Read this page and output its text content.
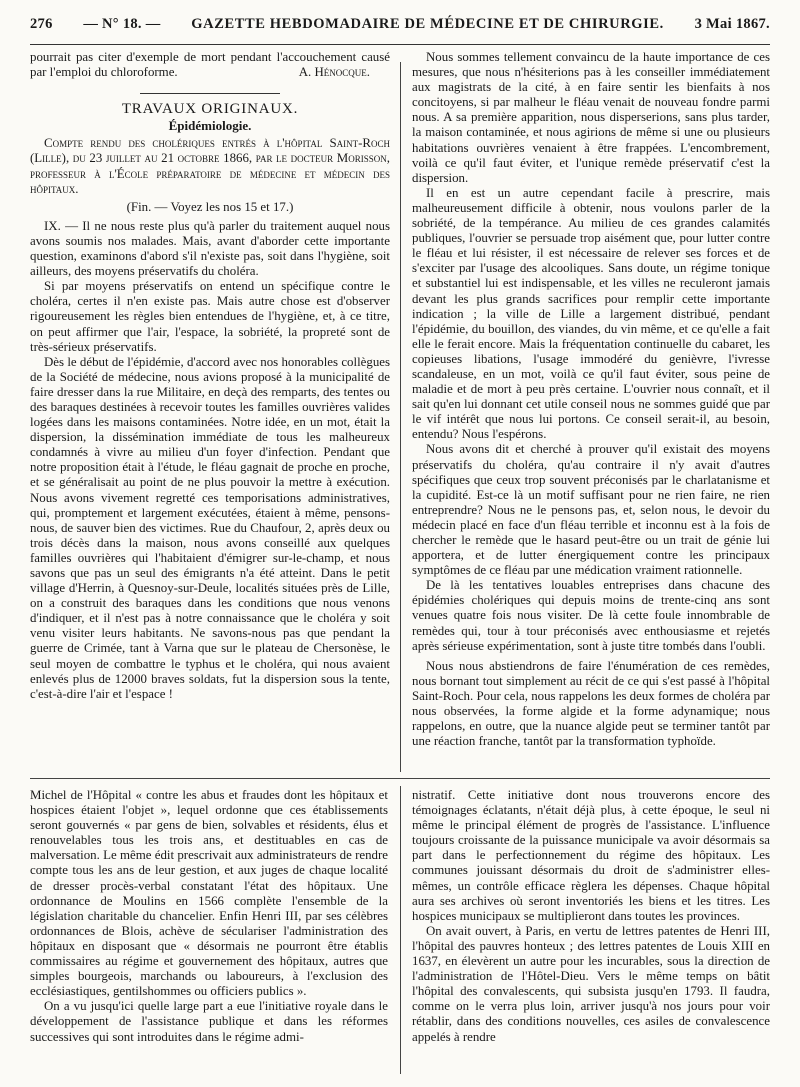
276 — N° 18. — GAZETTE HEBDOMADAIRE DE MÉDECINE ET DE CHIRURGIE. 3 Mai 1867.

pourrait pas citer d'exemple de mort pendant l'accouchement causé par l'emploi du chloroforme.	A. Hénocque.

TRAVAUX ORIGINAUX.
Épidémiologie.

Compte rendu des cholériques entrés à l'hôpital Saint-Roch (Lille), du 23 juillet au 21 octobre 1866, par le docteur Morisson, professeur à l'École préparatoire de médecine et médecin des hôpitaux.

(Fin. — Voyez les nos 15 et 17.)

IX. — Il ne nous reste plus qu'à parler du traitement auquel nous avons soumis nos malades. Mais, avant d'aborder cette importante question, examinons d'abord s'il n'existe pas, soit dans l'hygiène, soit ailleurs, des moyens préservatifs du choléra.

Si par moyens préservatifs on entend un spécifique contre le choléra, certes il n'en existe pas. Mais autre chose est d'observer rigoureusement les règles bien entendues de l'hygiène, et, à ce titre, on peut affirmer que l'air, l'espace, la sobriété, la propreté sont de très-sérieux préservatifs.

Dès le début de l'épidémie, d'accord avec nos honorables collègues de la Société de médecine, nous avions proposé à la municipalité de faire dresser dans la rue Militaire, en deçà des remparts, des tentes ou des baraques destinées à recevoir toutes les familles ouvrières valides logées dans les maisons contaminées. Notre idée, en un mot, était la dispersion, la dissémination immédiate de tous les malheureux condamnés à vivre au milieu d'un foyer d'infection. Pendant que notre proposition était à l'étude, le fléau gagnait de proche en proche, et se généralisait au point de ne plus pouvoir la mettre à exécution. Nous avons vivement regretté ces temporisations administratives, qui, promptement et largement exécutées, étaient à même, pensons-nous, de sauver bien des victimes. Rue du Chaufour, 2, après deux ou trois décès dans la maison, nous avons conseillé aux quelques familles ouvrières qui l'habitaient d'émigrer sur-le-champ, et nous savons que pas un seul des émigrants n'a été atteint. Dans le petit village d'Herrin, à Quesnoy-sur-Deule, localités situées près de Lille, on a construit des baraques dans les conditions que nous venons d'indiquer, et il n'est pas à notre connaissance que le choléra y soit venu visiter leurs habitants. Ne savons-nous pas que pendant la guerre de Crimée, tant à Varna que sur le plateau de Chersonèse, le seul moyen de combattre le typhus et le choléra, qui nous avaient enlevés plus de 12000 braves soldats, fut la dispersion sous la tente, c'est-à-dire l'air et l'espace !

Nous sommes tellement convaincu de la haute importance de ces mesures, que nous n'hésiterions pas à les conseiller immédiatement aux magistrats de la cité, à en faire sentir les bienfaits à nos concitoyens, si par malheur le fléau venait de nouveau fondre parmi nous. A sa première apparition, nous disperserions, sans plus tarder, la maison contaminée, et nous agirions de même si une ou plusieurs habitations ouvrières venaient à être frappées. L'encombrement, voilà ce qu'il faut éviter, et l'unique remède préservatif c'est la dispersion.

Il en est un autre cependant facile à prescrire, mais malheureusement difficile à obtenir, nous voulons parler de la sobriété, de la tempérance. Au milieu de ces grandes calamités publiques, l'ouvrier se persuade trop aisément que, pour lutter contre le fléau et lui résister, il est nécessaire de relever ses forces et de s'exciter par l'usage des alcooliques. Sans doute, un régime tonique et substantiel lui est indispensable, et les villes ne reculeront jamais devant les plus grands sacrifices pour remplir cette importante indication ; la ville de Lille a largement distribué, pendant l'épidémie, du bouillon, des viandes, du vin même, et ce qu'elle a fait elle le ferait encore. Mais la fréquentation continuelle du cabaret, les copieuses libations, l'usage immodéré du genièvre, l'ivresse scandaleuse, en un mot, voilà ce qu'il faut éviter, sous peine de maladie et de mort à peu près certaine. L'ouvrier nous connaît, et il sait qu'en lui donnant cet utile conseil nous ne sommes guidé que par le vif intérêt que nous lui portons. Ce conseil serait-il, au besoin, entendu? Nous l'espérons.

Nous avons dit et cherché à prouver qu'il existait des moyens préservatifs du choléra, qu'au contraire il n'y avait d'autres spécifiques que ceux trop souvent préconisés par le charlatanisme et la cupidité. Est-ce là un motif suffisant pour ne rien faire, ne rien entreprendre? Nous ne le pensons pas, et, selon nous, le devoir du médecin placé en face d'un fléau terrible et inconnu est à la fois de chercher le remède que le hasard peut-être ou un trait de génie lui apportera, et de lutter énergiquement contre les principaux symptômes de ce fléau par une médication vraiment rationnelle.

De là les tentatives louables entreprises dans chacune des épidémies cholériques qui depuis moins de trente-cinq ans sont venues quatre fois nous visiter. De là cette foule innombrable de remèdes qui, tour à tour préconisés avec enthousiasme et rejetés après sérieuse expérimentation, sont à juste titre tombés dans l'oubli.

Nous nous abstiendrons de faire l'énumération de ces remèdes, nous bornant tout simplement au récit de ce qui s'est passé à l'hôpital Saint-Roch. Pour cela, nous rappelons les deux formes de choléra par nous observées, la forme algide et la forme adynamique; nous rappelons, en outre, que la nuance algide peut se terminer tantôt par une réaction franche, tantôt par la transformation typhoïde.

Michel de l'Hôpital « contre les abus et fraudes dont les hôpitaux et hospices étaient l'objet », lequel ordonne que ces établissements seront gouvernés « par gens de bien, solvables et résidents, élus et renouvelables tous les trois ans, et destituables en cas de malversation. Le même édit prescrivait aux administrateurs de rendre compte tous les ans de leur gestion, et aux juges de chaque localité de dresser procès-verbal constatant l'état des hôpitaux. Une ordonnance de Moulins en 1566 complète l'ensemble de la législation charitable du chancelier. Enfin Henri III, par ses célèbres ordonnances de Blois, achève de séculariser l'administration des hôpitaux en disposant que « désormais ne pourront être établis commissaires au régime et gouvernement des hôpitaux, autres que simples bourgeois, marchands ou laboureurs, à l'exclusion des ecclésiastiques, gentilshommes ou officiers publics ».

On a vu jusqu'ici quelle large part a eue l'initiative royale dans le développement de l'assistance publique et dans les réformes successives qui sont introduites dans le régime admi-

nistratif. Cette initiative dont nous trouverons encore des témoignages éclatants, n'était déjà plus, à cette époque, le seul ni même le principal élément de progrès de l'assistance. L'influence toujours croissante de la puissance municipale va avoir désormais sa part dans le perfectionnement du régime des hôpitaux. Les communes jouissant désormais du droit de s'administrer elles-mêmes, un contrôle efficace règlera les dépenses. Chaque hôpital aura ses archives où seront inventoriés les biens et les titres. Les hospices municipaux se multiplieront dans toutes les provinces.

On avait ouvert, à Paris, en vertu de lettres patentes de Henri III, l'hôpital des pauvres honteux ; des lettres patentes de Louis XIII en 1637, en élevèrent un autre pour les incurables, sous la direction de l'administration de l'Hôtel-Dieu. Vers le même temps on bâtit l'hôpital des convalescents, qui subsista jusqu'en 1793. Il faudra, comme on le verra plus loin, arriver jusqu'à nos jours pour voir rétablir, dans des conditions nouvelles, ces asiles de convalescence appelés à rendre
